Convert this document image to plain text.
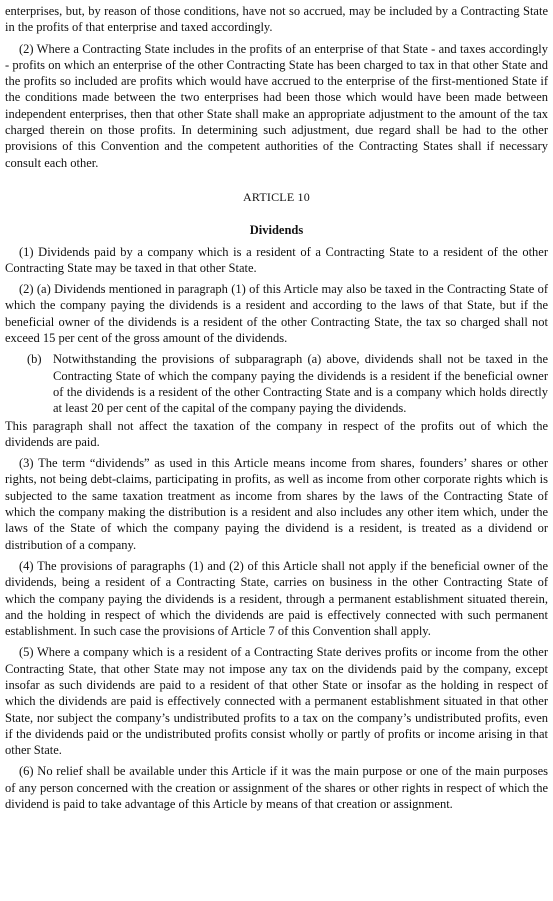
enterprises, but, by reason of those conditions, have not so accrued, may be included by a Contracting State in the profits of that enterprise and taxed accordingly.

(2) Where a Contracting State includes in the profits of an enterprise of that State - and taxes accordingly - profits on which an enterprise of the other Contracting State has been charged to tax in that other State and the profits so included are profits which would have accrued to the enterprise of the first-mentioned State if the conditions made between the two enterprises had been those which would have been made between independent enterprises, then that other State shall make an appropriate adjustment to the amount of the tax charged therein on those profits. In determining such adjustment, due regard shall be had to the other provisions of this Convention and the competent authorities of the Contracting States shall if necessary consult each other.

ARTICLE 10
Dividends

(1) Dividends paid by a company which is a resident of a Contracting State to a resident of the other Contracting State may be taxed in that other State.

(2) (a) Dividends mentioned in paragraph (1) of this Article may also be taxed in the Contracting State of which the company paying the dividends is a resident and according to the laws of that State, but if the beneficial owner of the dividends is a resident of the other Contracting State, the tax so charged shall not exceed 15 per cent of the gross amount of the dividends.

(b) Notwithstanding the provisions of subparagraph (a) above, dividends shall not be taxed in the Contracting State of which the company paying the dividends is a resident if the beneficial owner of the dividends is a resident of the other Contracting State and is a company which holds directly at least 20 per cent of the capital of the company paying the dividends.

This paragraph shall not affect the taxation of the company in respect of the profits out of which the dividends are paid.

(3) The term “dividends” as used in this Article means income from shares, founders’ shares or other rights, not being debt-claims, participating in profits, as well as income from other corporate rights which is subjected to the same taxation treatment as income from shares by the laws of the Contracting State of which the company making the distribution is a resident and also includes any other item which, under the laws of the State of which the company paying the dividend is a resident, is treated as a dividend or distribution of a company.

(4) The provisions of paragraphs (1) and (2) of this Article shall not apply if the beneficial owner of the dividends, being a resident of a Contracting State, carries on business in the other Contracting State of which the company paying the dividends is a resident, through a permanent establishment situated therein, and the holding in respect of which the dividends are paid is effectively connected with such permanent establishment. In such case the provisions of Article 7 of this Convention shall apply.

(5) Where a company which is a resident of a Contracting State derives profits or income from the other Contracting State, that other State may not impose any tax on the dividends paid by the company, except insofar as such dividends are paid to a resident of that other State or insofar as the holding in respect of which the dividends are paid is effectively connected with a permanent establishment situated in that other State, nor subject the company’s undistributed profits to a tax on the company’s undistributed profits, even if the dividends paid or the undistributed profits consist wholly or partly of profits or income arising in that other State.

(6) No relief shall be available under this Article if it was the main purpose or one of the main purposes of any person concerned with the creation or assignment of the shares or other rights in respect of which the dividend is paid to take advantage of this Article by means of that creation or assignment.
